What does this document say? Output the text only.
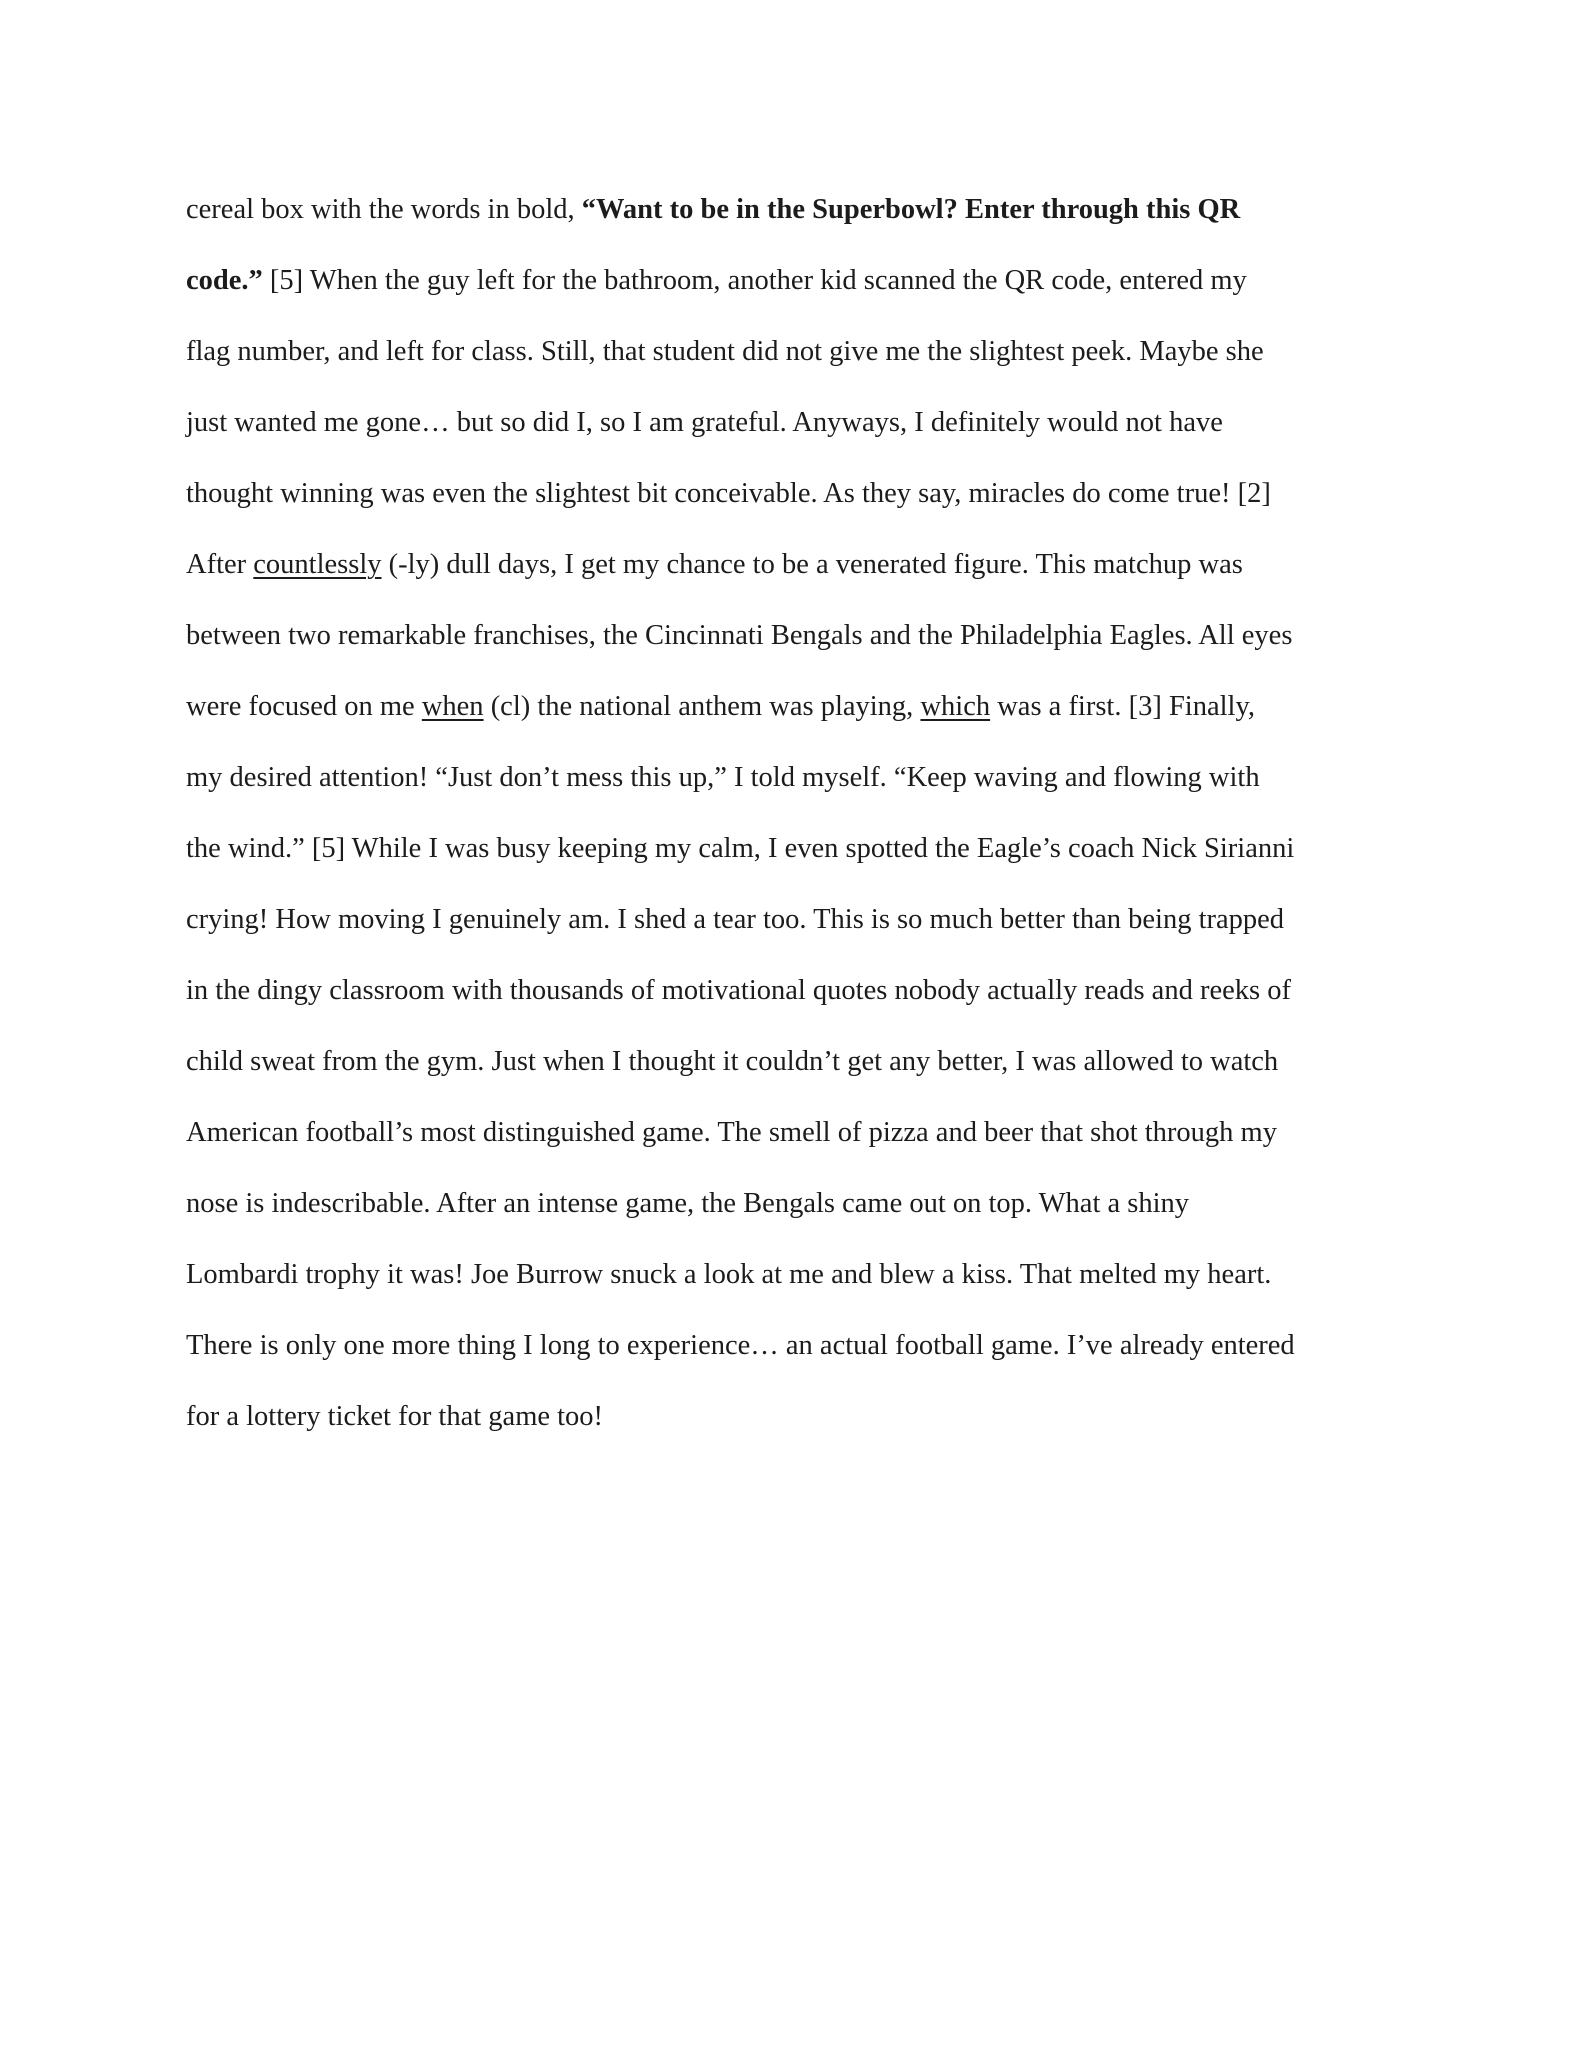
cereal box with the words in bold, “Want to be in the Superbowl? Enter through this QR
code.” [5] When the guy left for the bathroom, another kid scanned the QR code, entered my
flag number, and left for class. Still, that student did not give me the slightest peek. Maybe she
just wanted me gone… but so did I, so I am grateful. Anyways, I definitely would not have
thought winning was even the slightest bit conceivable. As they say, miracles do come true! [2]
After countlessly (-ly) dull days, I get my chance to be a venerated figure. This matchup was
between two remarkable franchises, the Cincinnati Bengals and the Philadelphia Eagles. All eyes
were focused on me when (cl) the national anthem was playing, which was a first. [3] Finally,
my desired attention! “Just don’t mess this up,” I told myself. “Keep waving and flowing with
the wind.” [5] While I was busy keeping my calm, I even spotted the Eagle’s coach Nick Sirianni
crying! How moving I genuinely am. I shed a tear too. This is so much better than being trapped
in the dingy classroom with thousands of motivational quotes nobody actually reads and reeks of
child sweat from the gym. Just when I thought it couldn’t get any better, I was allowed to watch
American football’s most distinguished game. The smell of pizza and beer that shot through my
nose is indescribable. After an intense game, the Bengals came out on top. What a shiny
Lombardi trophy it was! Joe Burrow snuck a look at me and blew a kiss. That melted my heart.
There is only one more thing I long to experience… an actual football game. I’ve already entered
for a lottery ticket for that game too!
